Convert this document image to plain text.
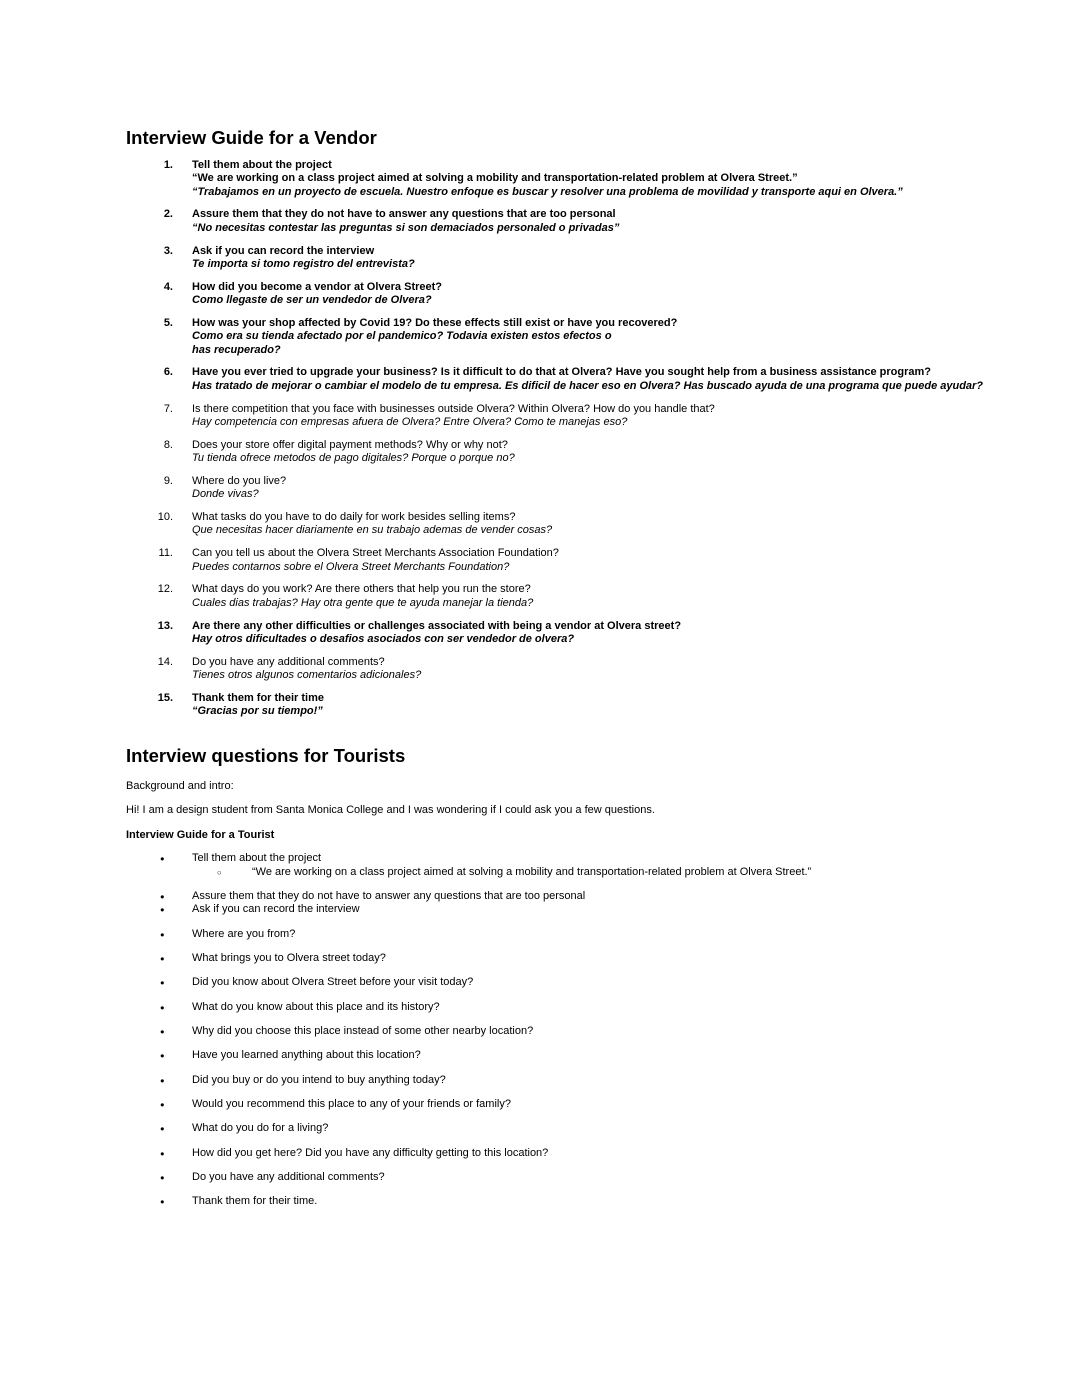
Interview Guide for a Vendor
1. Tell them about the project
“We are working on a class project aimed at solving a mobility and transportation-related problem at Olvera Street.”
“Trabajamos en un proyecto de escuela. Nuestro enfoque es buscar y resolver una problema de movilidad y transporte aqui en Olvera.”
2. Assure them that they do not have to answer any questions that are too personal
“No necesitas contestar las preguntas si son demaciados personaled o privadas”
3. Ask if you can record the interview
Te importa si tomo registro del entrevista?
4. How did you become a vendor at Olvera Street?
Como llegaste de ser un vendedor de Olvera?
5. How was your shop affected by Covid 19? Do these effects still exist or have you recovered?
Como era su tienda afectado por el pandemico? Todavia existen estos efectos o
has recuperado?
6. Have you ever tried to upgrade your business? Is it difficult to do that at Olvera? Have you sought help from a business assistance program?
Has tratado de mejorar o cambiar el modelo de tu empresa. Es dificil de hacer eso en Olvera? Has buscado ayuda de una programa que puede ayudar?
7. Is there competition that you face with businesses outside Olvera? Within Olvera? How do you handle that?
Hay competencia con empresas afuera de Olvera? Entre Olvera? Como te manejas eso?
8. Does your store offer digital payment methods? Why or why not?
Tu tienda ofrece metodos de pago digitales? Porque o porque no?
9. Where do you live?
Donde vivas?
10. What tasks do you have to do daily for work besides selling items?
Que necesitas hacer diariamente en su trabajo ademas de vender cosas?
11. Can you tell us about the Olvera Street Merchants Association Foundation?
Puedes contarnos sobre el Olvera Street Merchants Foundation?
12. What days do you work? Are there others that help you run the store?
Cuales dias trabajas? Hay otra gente que te ayuda manejar la tienda?
13. Are there any other difficulties or challenges associated with being a vendor at Olvera street?
Hay otros dificultades o desafios asociados con ser vendedor de olvera?
14. Do you have any additional comments?
Tienes otros algunos comentarios adicionales?
15. Thank them for their time
“Gracias por su tiempo!”
Interview questions for Tourists

Background and intro:

Hi! I am a design student from Santa Monica College and I was wondering if I could ask you a few questions.

Interview Guide for a Tourist

●	Tell them about the project
○	“We are working on a class project aimed at solving a mobility and transportation-related problem at Olvera Street.”
●	Assure them that they do not have to answer any questions that are too personal
●	Ask if you can record the interview
●	Where are you from?
●	What brings you to Olvera street today?
●	Did you know about Olvera Street before your visit today?
●	What do you know about this place and its history?
●	Why did you choose this place instead of some other nearby location?
●	Have you learned anything about this location?
●	Did you buy or do you intend to buy anything today?
●	Would you recommend this place to any of your friends or family?
●	What do you do for a living?
●	How did you get here? Did you have any difficulty getting to this location?
●	Do you have any additional comments?
●	Thank them for their time.
